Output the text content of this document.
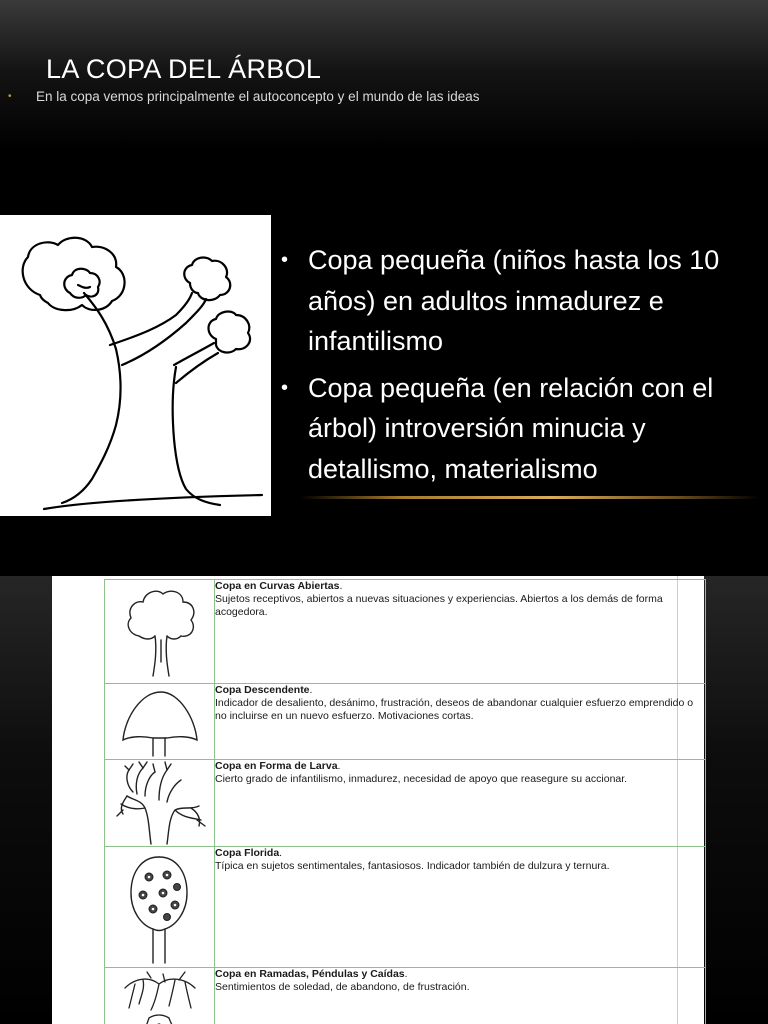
LA COPA DEL ÁRBOL
• En la copa vemos principalmente el autoconcepto y el mundo de las ideas
• Copa pequeña (niños hasta los 10 años) en adultos inmadurez e infantilismo
• Copa pequeña (en relación con el árbol) introversión minucia y detallismo, materialismo
	Copa en Curvas Abiertas.
Sujetos receptivos, abiertos a nuevas situaciones y experiencias. Abiertos a los demás de forma acogedora.

	Copa Descendente.
Indicador de desaliento, desánimo, frustración, deseos de abandonar cualquier esfuerzo emprendido o no incluirse en un nuevo esfuerzo. Motivaciones cortas.

	Copa en Forma de Larva.
Cierto grado de infantilismo, inmadurez, necesidad de apoyo que reasegure su accionar.

	Copa Florida.
Típica en sujetos sentimentales, fantasiosos. Indicador también de dulzura y ternura.

	Copa en Ramadas, Péndulas y Caídas.
Sentimientos de soledad, de abandono, de frustración.
